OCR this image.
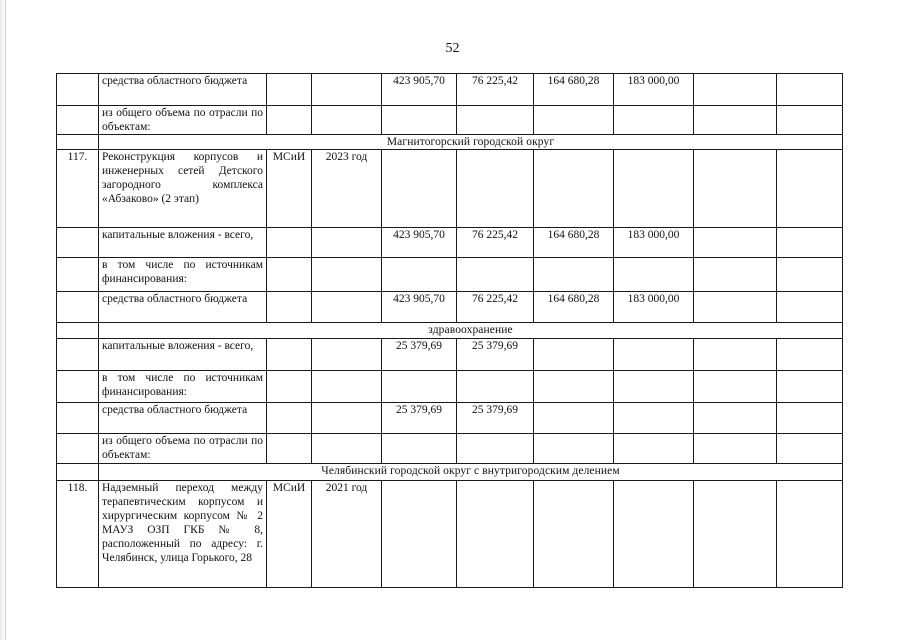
52
	средства областного бюджета			423 905,70	76 225,42	164 680,28	183 000,00		
	из общего объема по отрасли по объектам:								
	Магнитогорский городской округ								
117.	Реконструкция корпусов и инженерных сетей Детского загородного комплекса «Абзаково» (2 этап)	МСиИ	2023 год						
	капитальные вложения - всего,			423 905,70	76 225,42	164 680,28	183 000,00		
	в том числе по источникам финансирования:								
	средства областного бюджета			423 905,70	76 225,42	164 680,28	183 000,00		
	здравоохранение								
	капитальные вложения - всего,			25 379,69	25 379,69				
	в том числе по источникам финансирования:								
	средства областного бюджета			25 379,69	25 379,69				
	из общего объема по отрасли по объектам:								
	Челябинский городской округ с внутригородским делением								
118.	Надземный переход между терапевтическим корпусом и хирургическим корпусом № 2 МАУЗ ОЗП ГКБ № 8, расположенный по адресу: г. Челябинск, улица Горького, 28	МСиИ	2021 год						
